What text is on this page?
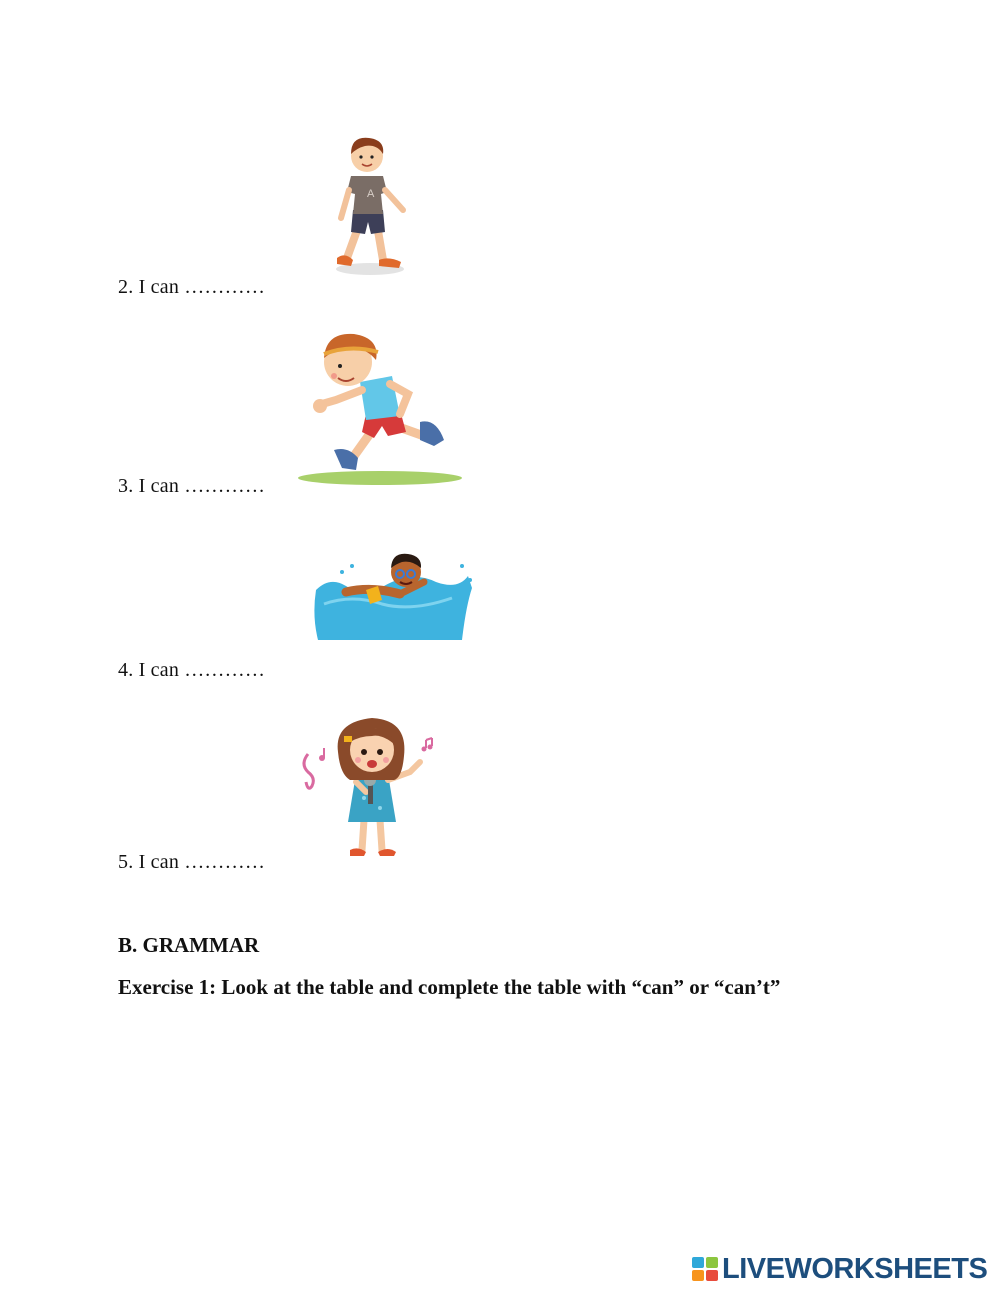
A
2. I can …………
3. I can …………
4. I can …………
5. I can …………
B. GRAMMAR
Exercise 1: Look at the table and complete the table with “can” or “can’t”
LIVEWORKSHEETS
